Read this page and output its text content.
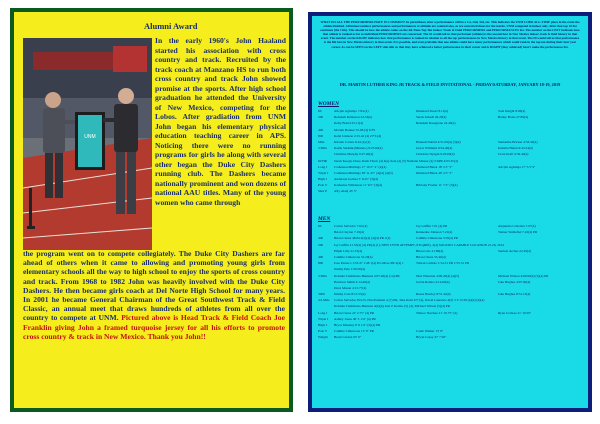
Alumni Award
UNM

In the early 1960's John Haaland started his association with cross country and track. Recruited by the track coach at Manzano HS to run both cross country and track John showed promise at the sports. After high school graduation he attended the University of New Mexico, competing for the Lobos. After gradiation from UNM John began his elementary physical education teaching career in APS. Noticing there were no running programs for girls he along with several other began the Duke City Dashers running club. The Dashers became nationally prominent and won dozens of national AAU titles. Many of the young women who came through

the program went on to compete collegiately. The Duke City Dashers are far ahead of others when it came to allowing and promoting young girls from elementary schools all the way to high school to enjoy the sports of cross country and track. From 1968 to 1982 John was heavily involved with the Duke City Dashers. He then became girls coach at Del Norte High School for many years. In 2001 he became General Chairman of the Great Southwest Track & Field Classic, an annual meet that draws hundreds of athletes from all over the country to compete at UNM. Pictured above is Head Track & Field Coach Joe Franklin giving John a framed turquoise jersey for all his efforts to promote cross country & track in New Mexico. Thank you John!!

WHAT DO ALL THE PERFORMERS HAVE IN COMMON? In parentheses after a performance will be a 1st, 2nd, 3rd, etc. This indicates the UNM LOBO ALL-TIME place in the event the athlete finished. All indoor/outdoor performances and performances at altitude are counted also, as are converted times for the marks. UNM competed in indoor only. After that top 10 list continues (the 11th). This should be how the athlete ranks on the All-Time Top Ten Indoor Track & Field PERFORMERS and PERFORMANCES list. The number on the LEFT indicates how that athlete is ranked as far as individual PERFORMERS are concerned. The #2 would tell us that performer (athlete) is the second-best in New Mexico indoor track & field history in that event. The number on the RIGHT indicates how that performance is ranked in relation to all the top performances in New Mexico history in that event. The #8 would tell us that performance is the 8th best in New Mexico history in that event. It is possible, and even probable that one athlete could have many performances which could rank in the top ten during their four year career. As can be SEEN on the LEFT side tells us that they have achieved a better performance in their career and is RIGHT (they achieved) hasn't make the performance list.

DR. MARTIN LUTHER KING JR TRACK & FIELD INVITATIONAL - FRIDAY/SATURDAY, JANUARY 18-19, 2019
WOMEN
60	Alicjah Agbalaja 7.84 (4)	Diamond Stuart 8.11(n)	Soni Knight 8.06(4)
200	Rebekah Robinson 24.34(n)	Sarah Zahedi 26.20(4)	Bailey Boles 27.89(4)
Kelly Brand 25.11(4)	Rebekah Rosegrene 24.40(n)
400	Moriah Bonner 55.08 (4) 6 FS
800	Kelsi Johnson 2:15.42 (4) 2 FT-(4)
Mile	Kirsten Cortez 4:44 (4) (4)	Hannah Nuttall 4:51.09(4) (3)(4)	Samantha Bricker 4:56.34(4)
3 Mile	Kazik Stadnik (Minnes.) 9:23.82(4)	Grace Williams 9:34.40(4)	Isabella Hafen 9:43.24(4)
Christine Murphy 9:27.90(4)	Charlotte Nyagin 9:26.60(4)	Ciara Kraft 9:39.40(4)
60 HR	Sarah Keogh, Drew, Ruth Thorn (4) 4(n)-Sela (4) (3) Nathalie Misner (4) 5:6PR 4:03.35(4)
Long J	Cathaleen Mullings 17' 10.5" 4" (4)(4)	Diamond Black 18' 2.5" 5"	Alicjah Agbalaja 17' 5.5"4"
Triple J	Cathaleen Mullings 38' 11.25" (4)(4) (4)(5)	Diamond Black 40' 2.5" 5"
High J	Anderson Gomez 5' 9.25" (3)(4)
Pole V	Katherine Wilkinson 11' 9.5" (3)(4)	Brittany Frazier 11' 7.5" (3)(4)
Shot P	Ally Aladj 43' 5"
MEN
60	Carlos Salvador 7.64 (4)	Jay Griffin 7.01 (4) PR	Alejandro Cotledon 7.07(4)
Brian Clayton 7.19(4)	Kennedee Johnson 7.21(4)	Tanner Stublefiel 7.22(4) PR
400	Brian Clerus 48.84 4(2)(4) (4)(4) PR 1(2)	Camille Cimarrone 3:59(4) PR
200	Jay Griffin 21.53(4) (4) PR(4) (1); NEW LYNN ATTEMPT, PTG(RIE), 4(4) SOCIOUS CAPABLE LOCATION 21.26, 2014
Elijah Lilly 21.33(4)	Brian Celo 21.89(4)	Samuel Arches 22.29(4)
400	Camille Cimarrone 52.20(4)	Brian Clerus 53.40(4)
800	Jose Perusco 1:53.47 1:48 1(4) Pro More PR 4(4) 1	Tristan Carlisle 1:54.31 PR 1:55.51 PR
Jimmy Pete 1:56.50(4)
3 Mile	Kristian Clemmons-Henness 4:07.46(4) (14) PR	Max Wheaton 4:09.29(4) (4)(5)	Michael Wilson 4:09.90(4) (5)(4) PR
Harrison Smith 4:14.46(4)	Gavin Ramos 4:14.60(4)	Jake Hughes 4:07.90(4)
Dave Mason 4:13.77(4)
3000	Jimmy Cole 8:13.53(4)	Reese Hawley 8:51.42(4)	Jake Hughes 8:31.13(4)
4:4 Mile	Carlos Salvador, Bru N, Dru Parsmen 4 (7) PR, Jake Kohl 4?? (4), David Laurence 4(5) 3 3:13.39 (4)(4) (4)(4)
Kristian Clemmons-Henness 4(4)(4), Kel Z Kermo (5) (4), Michael Wilson (5)(4) PR
Long J	Brian Clerus 22' 2.75" (4) PR	Timore Natchez 21' 10.75" (4)	Ryan Crabree 21' 10.50"
Triple J	Ashley Joues 46' 3 1/4" (4) PR
High J	Bryce Dunsley 6' 9 1/4" (5)(4) PR
Pole V	Camille Cimarrone 13' 9" PR	Caleb Walker 13' 9"
Weight	Brent Cardon 65' 9"	Bryan Casey 47' 7.50"
